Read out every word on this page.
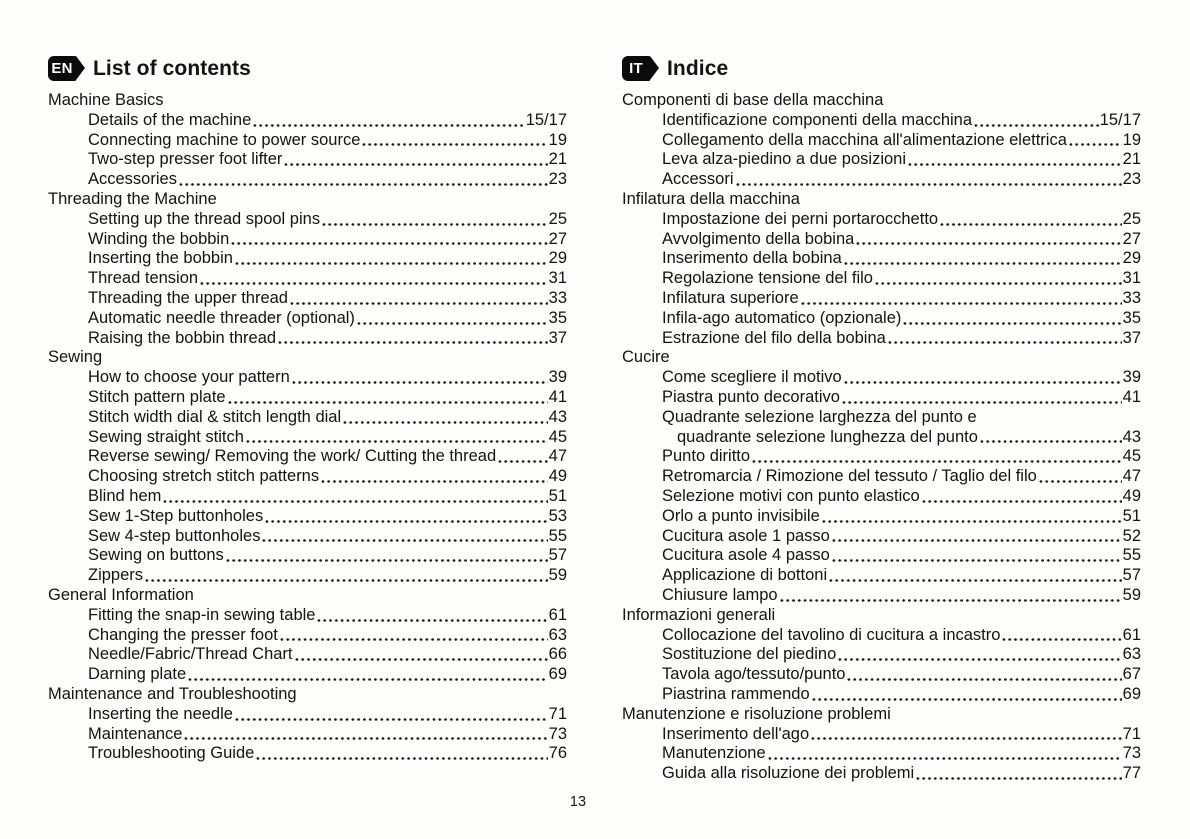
EN List of contents
Machine Basics
Details of the machine	15/17
Connecting machine to power source	19
Two-step presser foot lifter	21
Accessories	23
Threading the Machine
Setting up the thread spool pins	25
Winding the bobbin	27
Inserting the bobbin	29
Thread tension	31
Threading the upper thread	33
Automatic needle threader (optional)	35
Raising the bobbin thread	37
Sewing
How to choose your pattern	39
Stitch pattern plate	41
Stitch width dial & stitch length dial	43
Sewing straight stitch	45
Reverse sewing/ Removing the work/ Cutting the thread	47
Choosing stretch stitch patterns	49
Blind hem	51
Sew 1-Step buttonholes	53
Sew 4-step buttonholes	55
Sewing on buttons	57
Zippers	59
General Information
Fitting the snap-in sewing table	61
Changing the presser foot	63
Needle/Fabric/Thread Chart	66
Darning plate	69
Maintenance and Troubleshooting
Inserting the needle	71
Maintenance	73
Troubleshooting Guide	76
IT	Indice
Componenti di base della macchina
Identificazione componenti della macchina	15/17
Collegamento della macchina all'alimentazione elettrica	19
Leva alza-piedino a due posizioni	21
Accessori	23
Infilatura della macchina
Impostazione dei perni portarocchetto	25
Avvolgimento della bobina	27
Inserimento della bobina	29
Regolazione tensione del filo	31
Infilatura superiore	33
Infila-ago automatico (opzionale)	35
Estrazione del filo della bobina	37
Cucire
Come scegliere il motivo	39
Piastra punto decorativo	41
Quadrante selezione larghezza del punto e
quadrante selezione lunghezza del punto	43
Punto diritto	45
Retromarcia / Rimozione del tessuto / Taglio del filo	47
Selezione motivi con punto elastico	49
Orlo a punto invisibile	51
Cucitura asole 1 passo	52
Cucitura asole 4 passo	55
Applicazione di bottoni	57
Chiusure lampo	59
Informazioni generali
Collocazione del tavolino di cucitura a incastro	61
Sostituzione del piedino	63
Tavola ago/tessuto/punto	67
Piastrina rammendo	69
Manutenzione e risoluzione problemi
Inserimento dell'ago	71
Manutenzione	73
Guida alla risoluzione dei problemi	77
13
